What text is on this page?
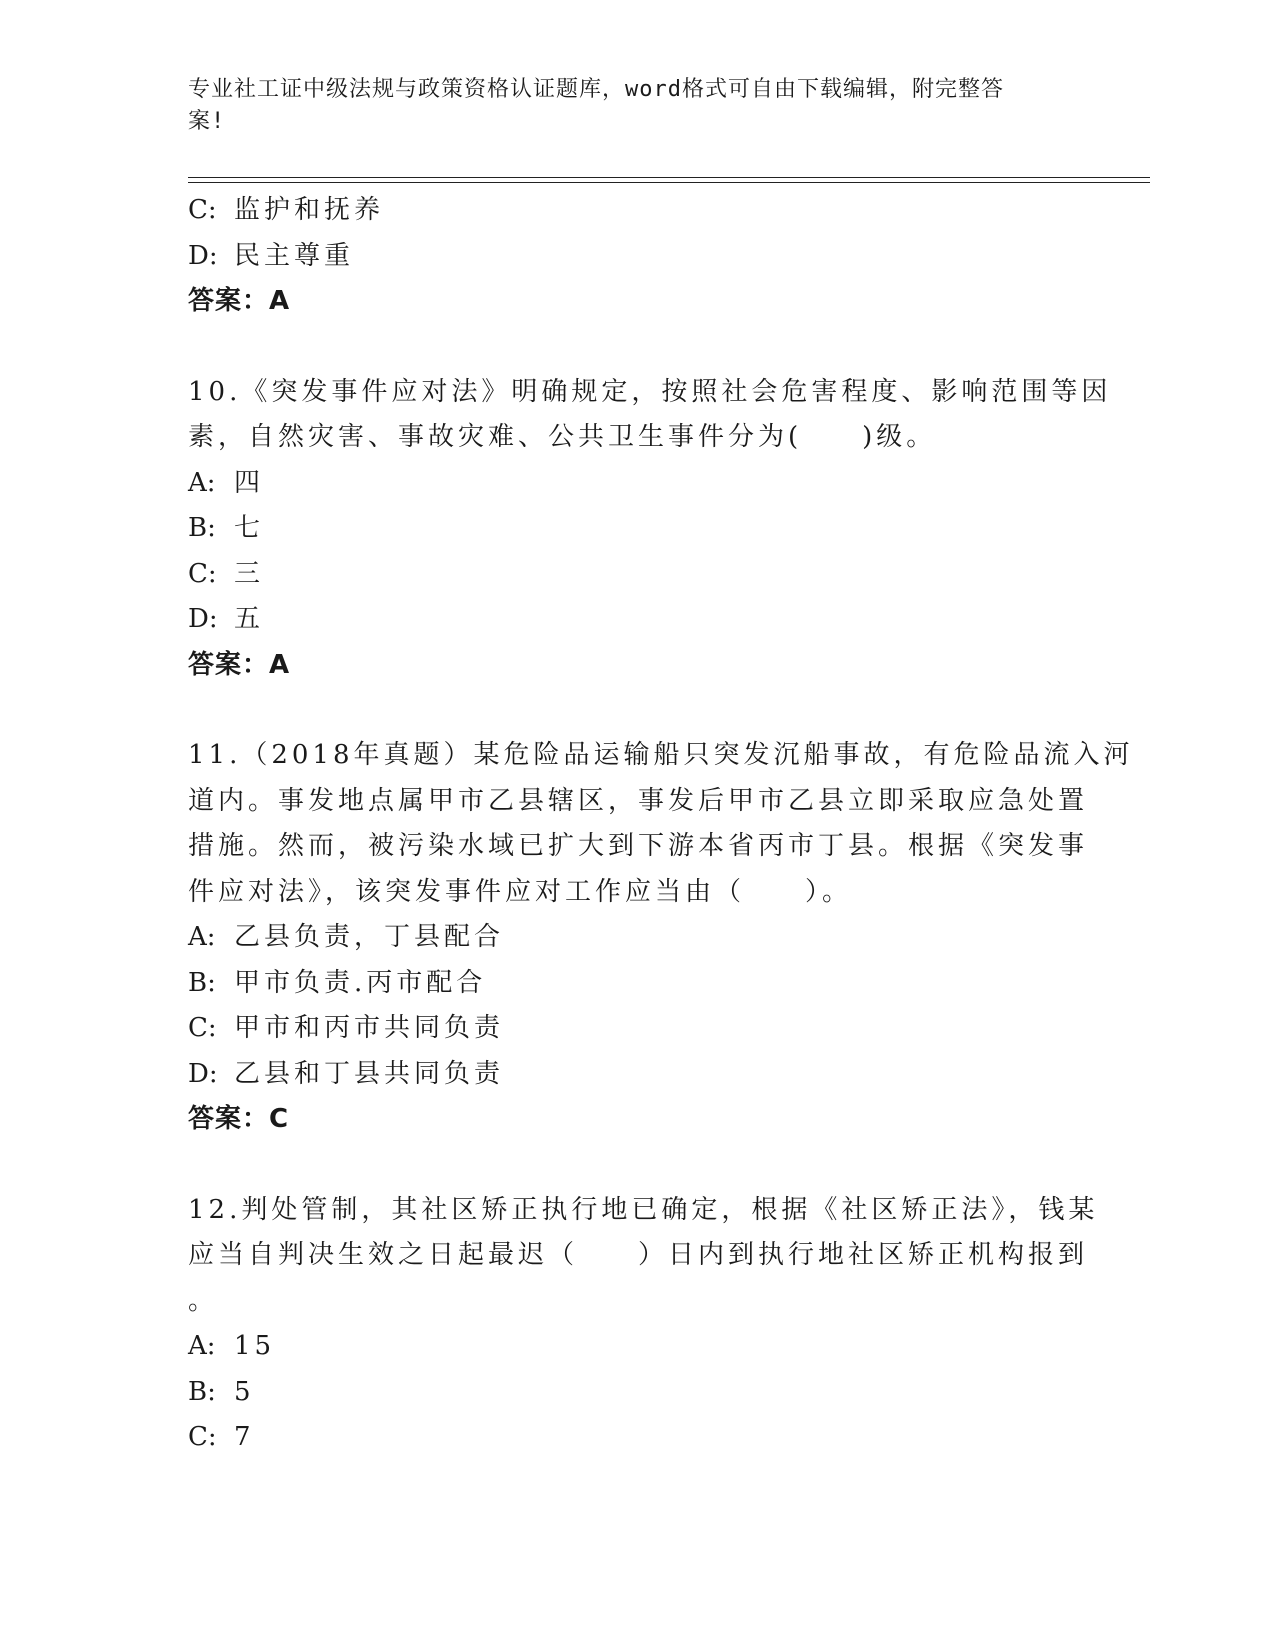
专业社工证中级法规与政策资格认证题库，word格式可自由下载编辑，附完整答
案!
C: 监护和抚养
D: 民主尊重
答案：A
10.《突发事件应对法》明确规定，按照社会危害程度、影响范围等因
素，自然灾害、事故灾难、公共卫生事件分为(　　)级。
A: 四
B: 七
C: 三
D: 五
答案：A
11.（2018年真题）某危险品运输船只突发沉船事故，有危险品流入河
道内。事发地点属甲市乙县辖区，事发后甲市乙县立即采取应急处置
措施。然而，被污染水域已扩大到下游本省丙市丁县。根据《突发事
件应对法》，该突发事件应对工作应当由（　　）。
A: 乙县负责，丁县配合
B: 甲市负责.丙市配合
C: 甲市和丙市共同负责
D: 乙县和丁县共同负责
答案：C
12.判处管制，其社区矫正执行地已确定，根据《社区矫正法》，钱某
应当自判决生效之日起最迟（　　）日内到执行地社区矫正机构报到
。
A: 15
B: 5
C: 7
